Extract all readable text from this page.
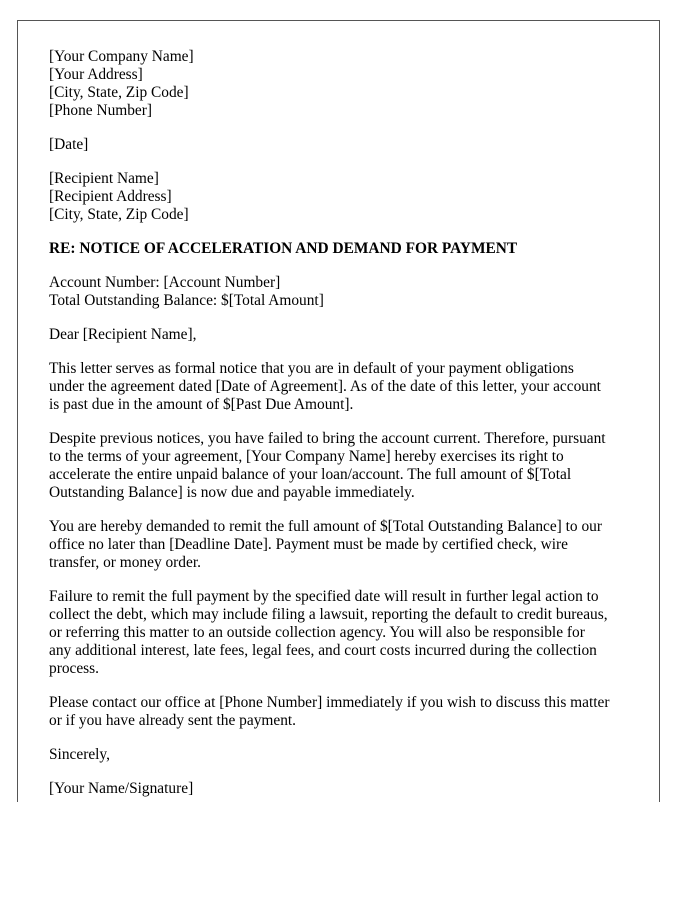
[Your Company Name]
[Your Address]
[City, State, Zip Code]
[Phone Number]
[Date]
[Recipient Name]
[Recipient Address]
[City, State, Zip Code]
RE: NOTICE OF ACCELERATION AND DEMAND FOR PAYMENT
Account Number: [Account Number]
Total Outstanding Balance: $[Total Amount]
Dear [Recipient Name],

This letter serves as formal notice that you are in default of your payment obligations
under the agreement dated [Date of Agreement]. As of the date of this letter, your account
is past due in the amount of $[Past Due Amount].

Despite previous notices, you have failed to bring the account current. Therefore, pursuant
to the terms of your agreement, [Your Company Name] hereby exercises its right to
accelerate the entire unpaid balance of your loan/account. The full amount of $[Total
Outstanding Balance] is now due and payable immediately.

You are hereby demanded to remit the full amount of $[Total Outstanding Balance] to our
office no later than [Deadline Date]. Payment must be made by certified check, wire
transfer, or money order.

Failure to remit the full payment by the specified date will result in further legal action to
collect the debt, which may include filing a lawsuit, reporting the default to credit bureaus,
or referring this matter to an outside collection agency. You will also be responsible for
any additional interest, late fees, legal fees, and court costs incurred during the collection
process.

Please contact our office at [Phone Number] immediately if you wish to discuss this matter
or if you have already sent the payment.

Sincerely,
[Your Name/Signature]
